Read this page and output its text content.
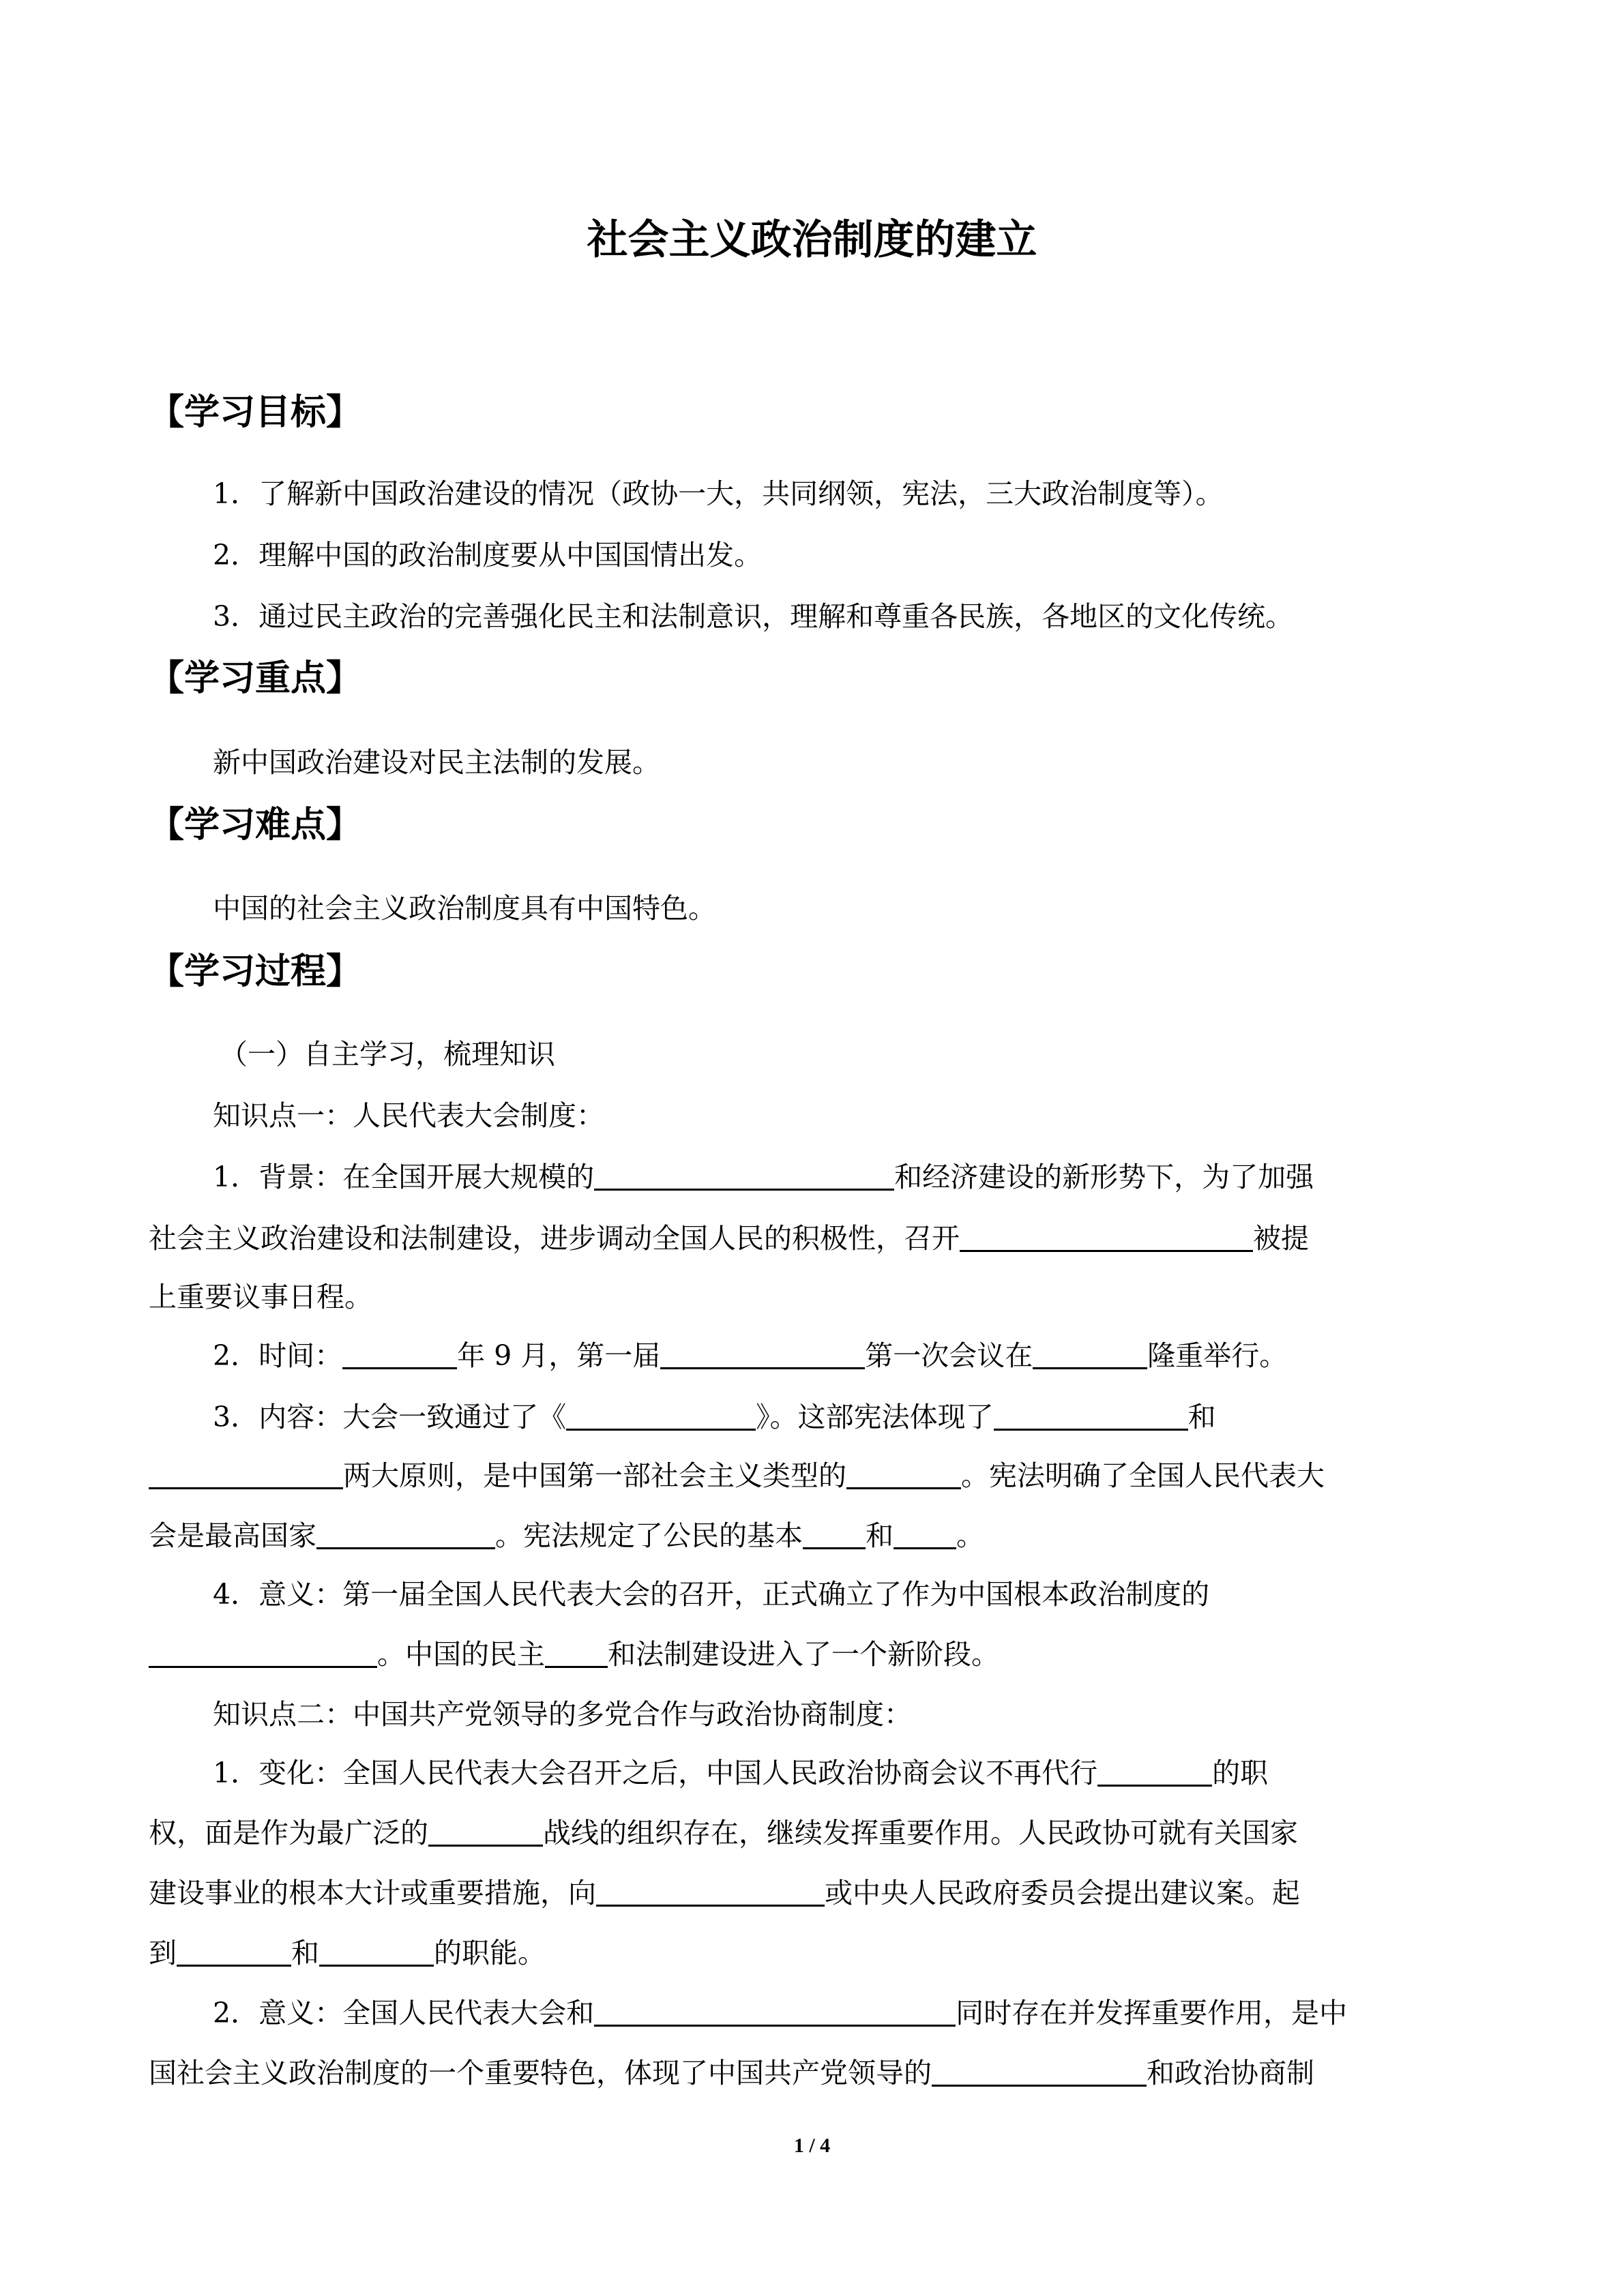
社会主义政治制度的建立
【学习目标】
1．了解新中国政治建设的情况（政协一大，共同纲领，宪法，三大政治制度等）。
2．理解中国的政治制度要从中国国情出发。
3．通过民主政治的完善强化民主和法制意识，理解和尊重各民族，各地区的文化传统。
【学习重点】
新中国政治建设对民主法制的发展。
【学习难点】
中国的社会主义政治制度具有中国特色。
【学习过程】
（一）自主学习，梳理知识
知识点一：人民代表大会制度：
1．背景：在全国开展大规模的	和经济建设的新形势下，为了加强
社会主义政治建设和法制建设，进步调动全国人民的积极性，召开	被提
上重要议事日程。
2．时间：	年 9 月，第一届	第一次会议在	隆重举行。
3．内容：大会一致通过了《	》。这部宪法体现了	和
两大原则，是中国第一部社会主义类型的	。宪法明确了全国人民代表大
会是最高国家	。宪法规定了公民的基本 和 。
4．意义：第一届全国人民代表大会的召开，正式确立了作为中国根本政治制度的
。中国的民主 和法制建设进入了一个新阶段。
知识点二：中国共产党领导的多党合作与政治协商制度：
1．变化：全国人民代表大会召开之后，中国人民政治协商会议不再代行	的职
权，面是作为最广泛的	战线的组织存在，继续发挥重要作用。人民政协可就有关国家
建设事业的根本大计或重要措施，向	或中央人民政府委员会提出建议案。起
到	和	的职能。
2．意义：全国人民代表大会和	同时存在并发挥重要作用，是中
国社会主义政治制度的一个重要特色，体现了中国共产党领导的	和政治协商制
1 / 4
